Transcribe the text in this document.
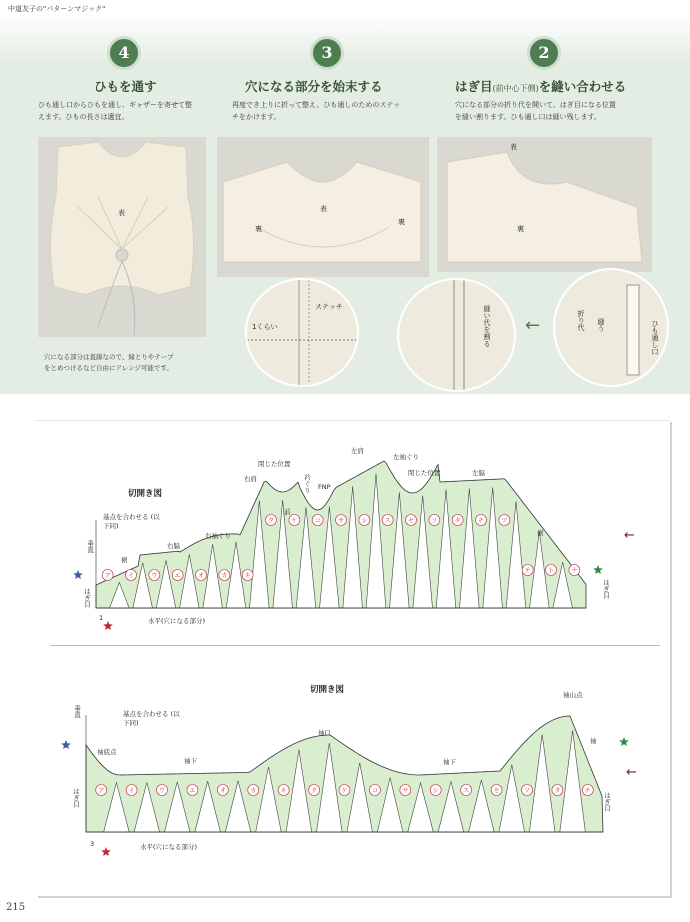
中道友子の"パターンマジック"
4
ひもを通す
ひも通し口からひもを通し、ギャザーを寄せて整
えます。ひもの長さは適宜。
3
穴になる部分を始末する
再度でき上りに折って整え、ひも通しのためのステッ
チをかけます。
2
はぎ目(前中心下側)を縫い合わせる
穴になる部分の折り代を開いて、はぎ目になる位置
を縫い割ります。ひも通し口は縫い残します。
表
穴になる部分は直線なので、縁とりやテープ
をとめつけるなど自由にアレンジ可能です。
表
裏
裏
ステッチ
1くらい
表
裏
縫い代を割る ←	折り代 縫う	ひも通し口
ア	イ	ウ	エ	オ	カ	キ
ク	ケ	コ	サ	シ	ス	セ	ソ	タ	チ	ツ
テ	ト	ナ
ア	イ	ウ	エ	オ	カ	キ	ク	ケ	コ	サ	シ	ス	セ	ソ	タ	チ
切開き図
左肩
左袖ぐり
閉じた位置
閉じた位置
右肩	衿ぐり FNP
前
左脇
裾
右脇
右袖ぐり
裾
垂直
基点を合わせる (以下同)
はぎ目	はぎ目
水平(穴になる部分)
1
←
切開き図	袖山点
袖
袖口
袖下	袖下
袖底点
垂直	基点を合わせる (以下同)
はぎ目	はぎ目
水平(穴になる部分)
3
←
215
